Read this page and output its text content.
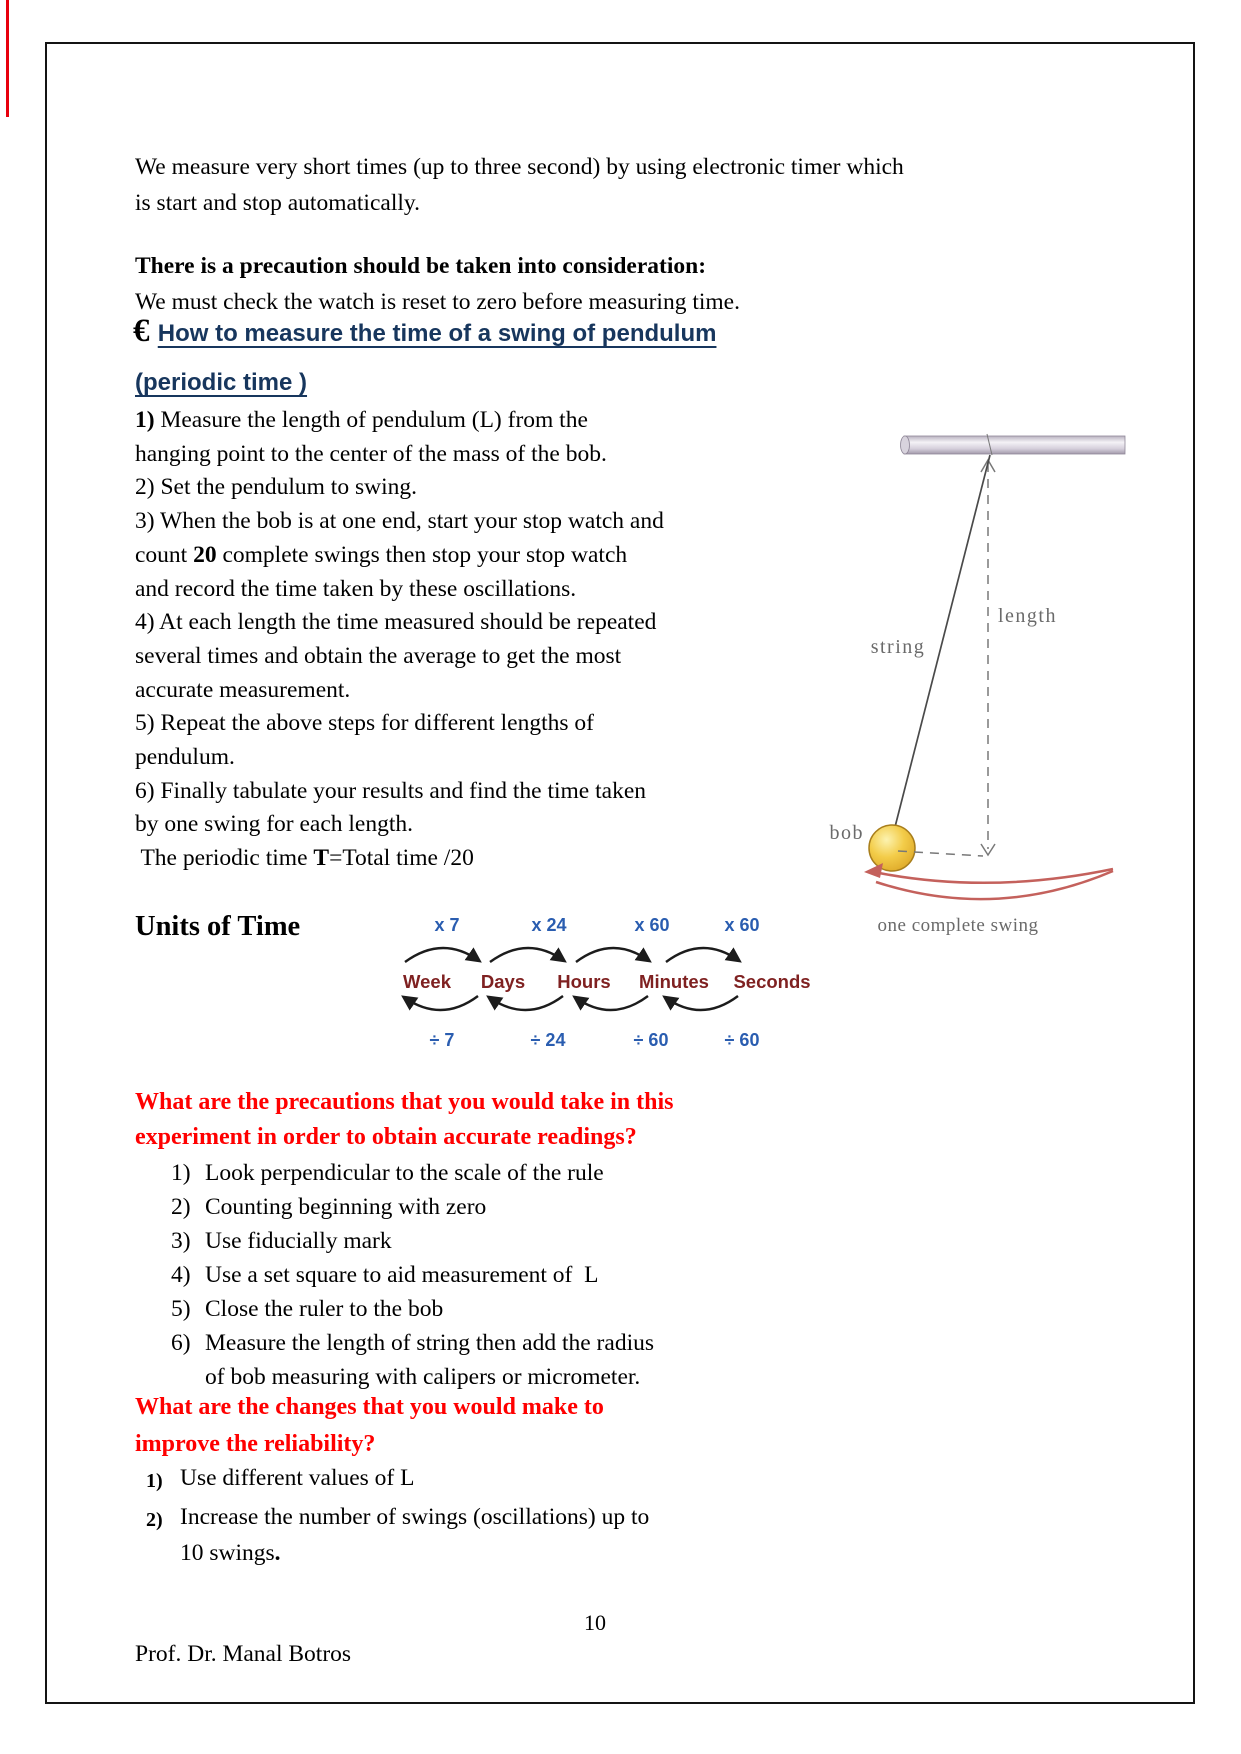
We measure very short times (up to three second) by using electronic timer which
is start and stop automatically.
There is a precaution should be taken into consideration:
We must check the watch is reset to zero before measuring time.
€ How to measure the time of a swing of pendulum
(periodic time )
1) Measure the length of pendulum (L) from the
hanging point to the center of the mass of the bob.
2) Set the pendulum to swing.
3) When the bob is at one end, start your stop watch and
count 20 complete swings then stop your stop watch
and record the time taken by these oscillations.
4) At each length the time measured should be repeated
several times and obtain the average to get the most
accurate measurement.
5) Repeat the above steps for different lengths of
pendulum.
6) Finally tabulate your results and find the time taken
by one swing for each length.
The periodic time T=Total time /20
Units of Time	x 7	x 24	x 60	x 60
Week Days Hours Minutes Seconds
÷ 7	÷ 24	÷ 60	÷ 60
string
length
bob
one complete swing
What are the precautions that you would take in this
experiment in order to obtain accurate readings?
1) Look perpendicular to the scale of the rule
2) Counting beginning with zero
3) Use fiducially mark
4) Use a set square to aid measurement of  L
5) Close the ruler to the bob
6) Measure the length of string then add the radius
of bob measuring with calipers or micrometer.
What are the changes that you would make to
improve the reliability?
1) Use different values of L
2) Increase the number of swings (oscillations) up to
10 swings.
10
Prof. Dr. Manal Botros
